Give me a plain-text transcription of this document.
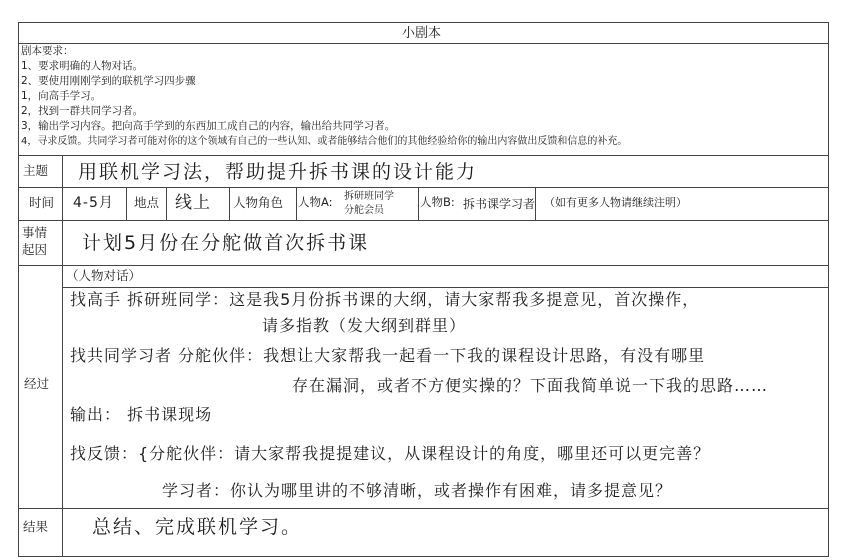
小剧本
剧本要求：
1、要求明确的人物对话。
2、要使用刚刚学到的联机学习四步骤
1，向高手学习。
2，找到一群共同学习者。
3，输出学习内容。把向高手学到的东西加工成自己的内容，输出给共同学习者。
4，寻求反馈。共同学习者可能对你的这个领域有自己的一些认知、或者能够结合他们的其他经验给你的输出内容做出反馈和信息的补充。
主题 用联机学习法，帮助提升拆书课的设计能力
时间 4-5月 地点 线上 人物角色 人物A: 拆研班同学
分舵会员
人物B: 拆书课学习者 （如有更多人物请继续注明）
事情
起因 计划5月份在分舵做首次拆书课
（人物对话）
经过
找高手 拆研班同学：这是我5月份拆书课的大纲，请大家帮我多提意见，首次操作，
请多指教（发大纲到群里）
找共同学习者 分舵伙伴：我想让大家帮我一起看一下我的课程设计思路，有没有哪里
存在漏洞，或者不方便实操的？下面我简单说一下我的思路……
输出： 拆书课现场
找反馈：{分舵伙伴：请大家帮我提提建议，从课程设计的角度，哪里还可以更完善？
学习者：你认为哪里讲的不够清晰，或者操作有困难，请多提意见？
结果 总结、完成联机学习。
